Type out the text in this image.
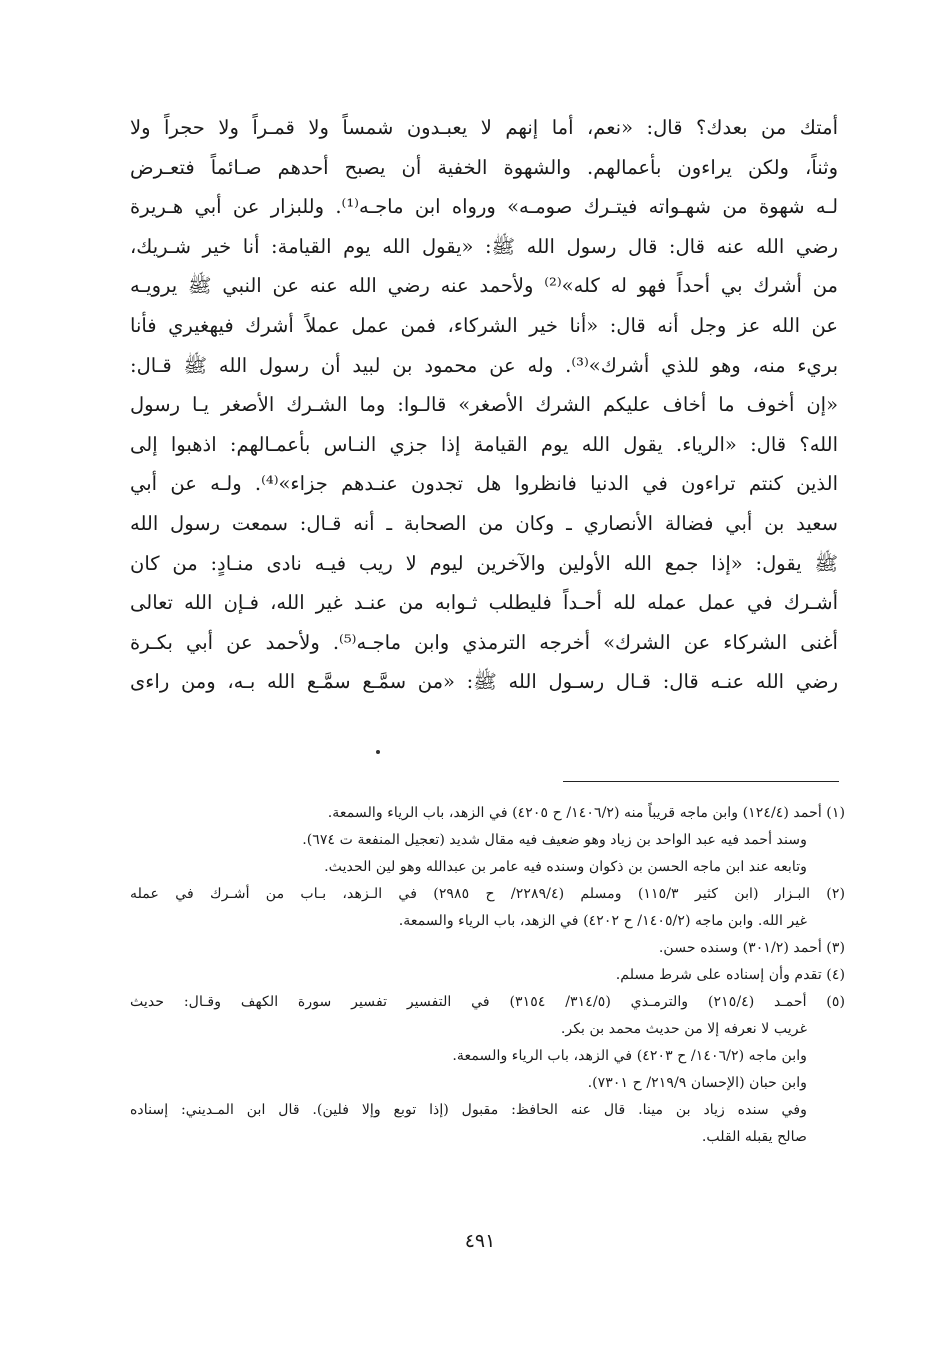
أمتك من بعدك؟ قال: «نعم، أما إنهم لا يعبـدون شمساً ولا قمـراً ولا حجراً ولا
وثناً، ولكن يراءون بأعمالهم. والشهوة الخفية أن يصبح أحدهم صـائماً فتعـرض
لـه شهوة من شهـواته فيتـرك صومـه» ورواه ابن ماجـه⁽¹⁾. وللبزار عن أبي هـريرة
رضي الله عنه قال: قال رسول الله ﷺ: «يقول الله يوم القيامة: أنا خير شـريك،
من أشرك بي أحداً فهو له كله»⁽²⁾ ولأحمد عنه رضي الله عنه عن النبي ﷺ يرويـه
عن الله عز وجل أنه قال: «أنا خير الشركاء، فمن عمل عملاً أشرك فيهغيري فأنا
بريء منه، وهو للذي أشرك»⁽³⁾. وله عن محمود بن لبيد أن رسول الله ﷺ قـال:
«إن أخوف ما أخاف عليكم الشرك الأصغر» قالـوا: وما الشـرك الأصغر يـا رسول
الله؟ قال: «الرياء. يقول الله يوم القيامة إذا جزي النـاس بأعمـالهم: اذهبوا إلى
الذين كنتم تراءون في الدنيا فانظروا هل تجدون عنـدهم جزاء»⁽⁴⁾. ولـه عن أبي
سعيد بن أبي فضالة الأنصاري ـ وكان من الصحابة ـ أنه قـال: سمعت رسول الله
ﷺ يقول: «إذا جمع الله الأولين والآخرين ليوم لا ريب فيـه نادى منـادٍ: من كان
أشـرك في عمل عمله لله أحـداً فليطلب ثـوابه من عنـد غير الله، فـإن الله تعالى
أغنى الشركاء عن الشرك» أخرجه الترمذي وابن ماجـه⁽⁵⁾. ولأحمد عن أبي بكـرة
رضي الله عنـه قال: قـال رسـول الله ﷺ: «من سمَّـع سمَّـع الله بـه، ومن راءى
(١) أحمد (١٢٤/٤) وابن ماجه قريباً منه (١٤٠٦/٢/ ح ٤٢٠٥) في الزهد، باب الرياء والسمعة.
وسند أحمد فيه عبد الواحد بن زياد وهو ضعيف فيه مقال شديد (تعجيل المنفعة ت ٦٧٤).
وتابعه عند ابن ماجه الحسن بن ذكوان وسنده فيه عامر بن عبدالله وهو لين الحديث.
(٢) البـزار (ابن كثير ١١٥/٣) ومسلم (٢٢٨٩/٤/ ح ٢٩٨٥) في الـزهد، بـاب من أشـرك في عمله
غير الله. وابن ماجه (١٤٠٥/٢/ ح ٤٢٠٢) في الزهد، باب الرياء والسمعة.
(٣) أحمد (٣٠١/٢) وسنده حسن.
(٤) تقدم وأن إسناده على شرط مسلم.
(٥) أحمـد (٢١٥/٤) والترمـذي (٣١٤/٥/ ٣١٥٤) في التفسير تفسير سورة الكهف وقـال: حديث
غريب لا نعرفه إلا من حديث محمد بن بكر.
وابن ماجه (١٤٠٦/٢/ ح ٤٢٠٣) في الزهد، باب الرياء والسمعة.
وابن حبان (الإحسان ٢١٩/٩/ ح ٧٣٠١).
وفي سنده زياد بن مينا. قال عنه الحافظ: مقبول (إذا توبع وإلا فلين). قال ابن المـديني: إسناده
صالح يقبله القلب.
٤٩١
